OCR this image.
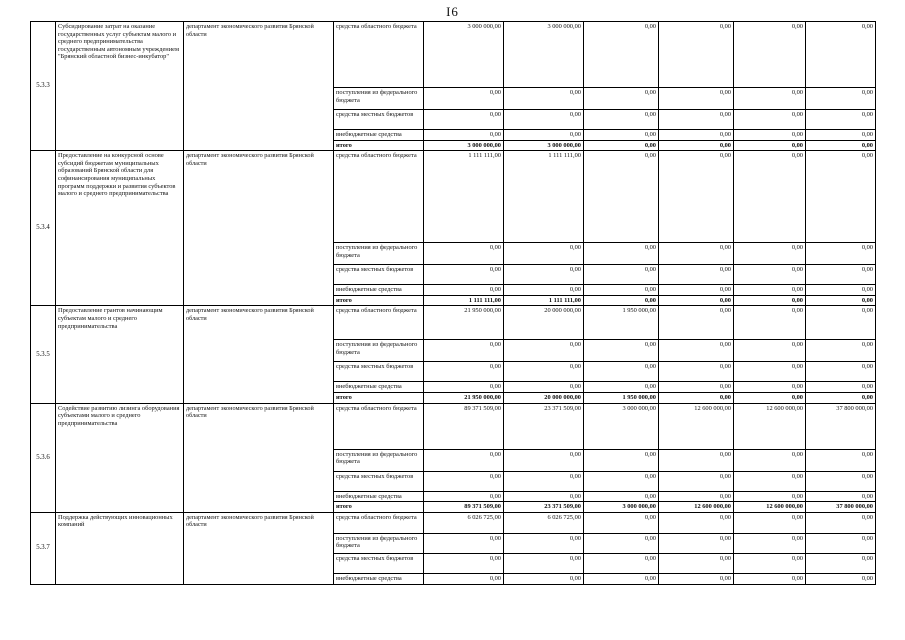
I6
5.3.3	Субсидирование затрат на оказание государственных услуг субъектам малого и среднего предпринимательства государственным автономным учреждением "Брянский областной бизнес-инкубатор"	департамент экономического развития Брянской области	средства областного бюджета	3 000 000,00	3 000 000,00	0,00	0,00	0,00	0,00
			поступления из федерального бюджета	0,00	0,00	0,00	0,00	0,00	0,00
			средства местных бюджетов	0,00	0,00	0,00	0,00	0,00	0,00
			внебюджетные средства	0,00	0,00	0,00	0,00	0,00	0,00
			итого	3 000 000,00	3 000 000,00	0,00	0,00	0,00	0,00
5.3.4	Предоставление на конкурсной основе субсидий бюджетам муниципальных образований Брянской области для софинансирования муниципальных программ поддержки и развития субъектов малого и среднего предпринимательства	департамент экономического развития Брянской области	средства областного бюджета	1 111 111,00	1 111 111,00	0,00	0,00	0,00	0,00
			поступления из федерального бюджета	0,00	0,00	0,00	0,00	0,00	0,00
			средства местных бюджетов	0,00	0,00	0,00	0,00	0,00	0,00
			внебюджетные средства	0,00	0,00	0,00	0,00	0,00	0,00
			итого	1 111 111,00	1 111 111,00	0,00	0,00	0,00	0,00
5.3.5	Предоставление грантов начинающим субъектам малого и среднего предпринимательства	департамент экономического развития Брянской области	средства областного бюджета	21 950 000,00	20 000 000,00	1 950 000,00	0,00	0,00	0,00
			поступления из федерального бюджета	0,00	0,00	0,00	0,00	0,00	0,00
			средства местных бюджетов	0,00	0,00	0,00	0,00	0,00	0,00
			внебюджетные средства	0,00	0,00	0,00	0,00	0,00	0,00
			итого	21 950 000,00	20 000 000,00	1 950 000,00	0,00	0,00	0,00
5.3.6	Содействие развитию лизинга оборудования субъектами малого и среднего предпринимательства	департамент экономического развития Брянской области	средства областного бюджета	89 371 509,00	23 371 509,00	3 000 000,00	12 600 000,00	12 600 000,00	37 800 000,00
			поступления из федерального бюджета	0,00	0,00	0,00	0,00	0,00	0,00
			средства местных бюджетов	0,00	0,00	0,00	0,00	0,00	0,00
			внебюджетные средства	0,00	0,00	0,00	0,00	0,00	0,00
			итого	89 371 509,00	23 371 509,00	3 000 000,00	12 600 000,00	12 600 000,00	37 800 000,00
5.3.7	Поддержка действующих инновационных компаний	департамент экономического развития Брянской области	средства областного бюджета	6 026 725,00	6 026 725,00	0,00	0,00	0,00	0,00
			поступления из федерального бюджета	0,00	0,00	0,00	0,00	0,00	0,00
			средства местных бюджетов	0,00	0,00	0,00	0,00	0,00	0,00
			внебюджетные средства	0,00	0,00	0,00	0,00	0,00	0,00
